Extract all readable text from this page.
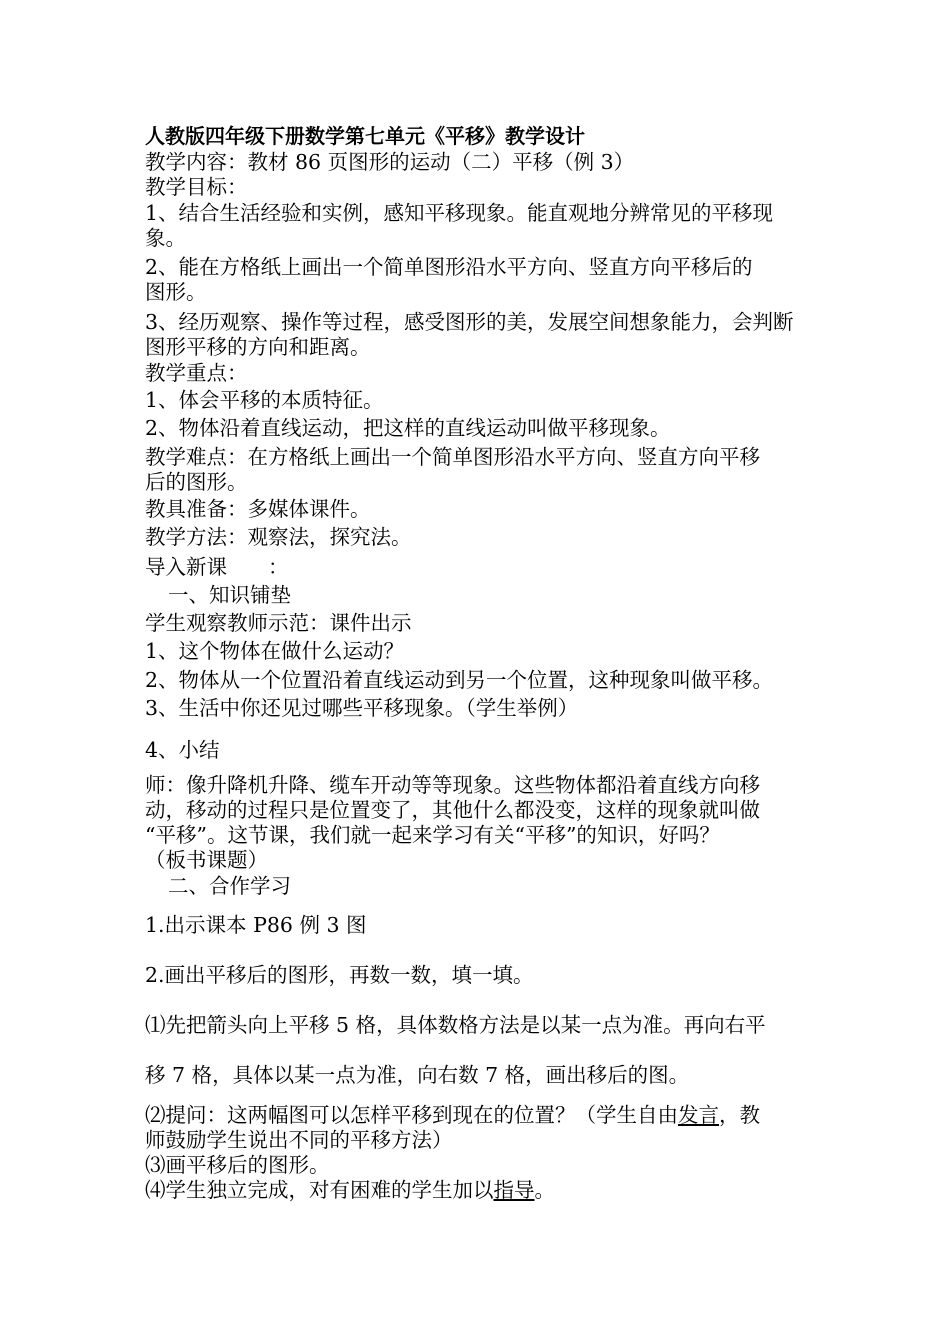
人教版四年级下册数学第七单元《平移》教学设计

教学内容：教材 86 页图形的运动（二）平移（例 3）

教学目标：

1、结合生活经验和实例，感知平移现象。能直观地分辨常见的平移现

象。

2、能在方格纸上画出一个简单图形沿水平方向、竖直方向平移后的

图形。

3、经历观察、操作等过程，感受图形的美，发展空间想象能力，会判断

图形平移的方向和距离。

教学重点：

1、体会平移的本质特征。

2、物体沿着直线运动，把这样的直线运动叫做平移现象。

教学难点：在方格纸上画出一个简单图形沿水平方向、竖直方向平移

后的图形。

教具准备：多媒体课件。

教学方法：观察法，探究法。

导入新课　　：

一、知识铺垫

学生观察教师示范：课件出示

1、这个物体在做什么运动？

2、物体从一个位置沿着直线运动到另一个位置，这种现象叫做平移。

3、生活中你还见过哪些平移现象。（学生举例）

4、小结

师：像升降机升降、缆车开动等等现象。这些物体都沿着直线方向移

动，移动的过程只是位置变了，其他什么都没变，这样的现象就叫做

“平移”。这节课，我们就一起来学习有关“平移”的知识，好吗？

（板书课题）

二、合作学习

1.出示课本 P86 例 3 图

2.画出平移后的图形，再数一数，填一填。

⑴先把箭头向上平移 5 格，具体数格方法是以某一点为准。再向右平

移 7 格，具体以某一点为准，向右数 7 格，画出移后的图。

⑵提问：这两幅图可以怎样平移到现在的位置？（学生自由发言，教

师鼓励学生说出不同的平移方法）

⑶画平移后的图形。

⑷学生独立完成，对有困难的学生加以指导。
